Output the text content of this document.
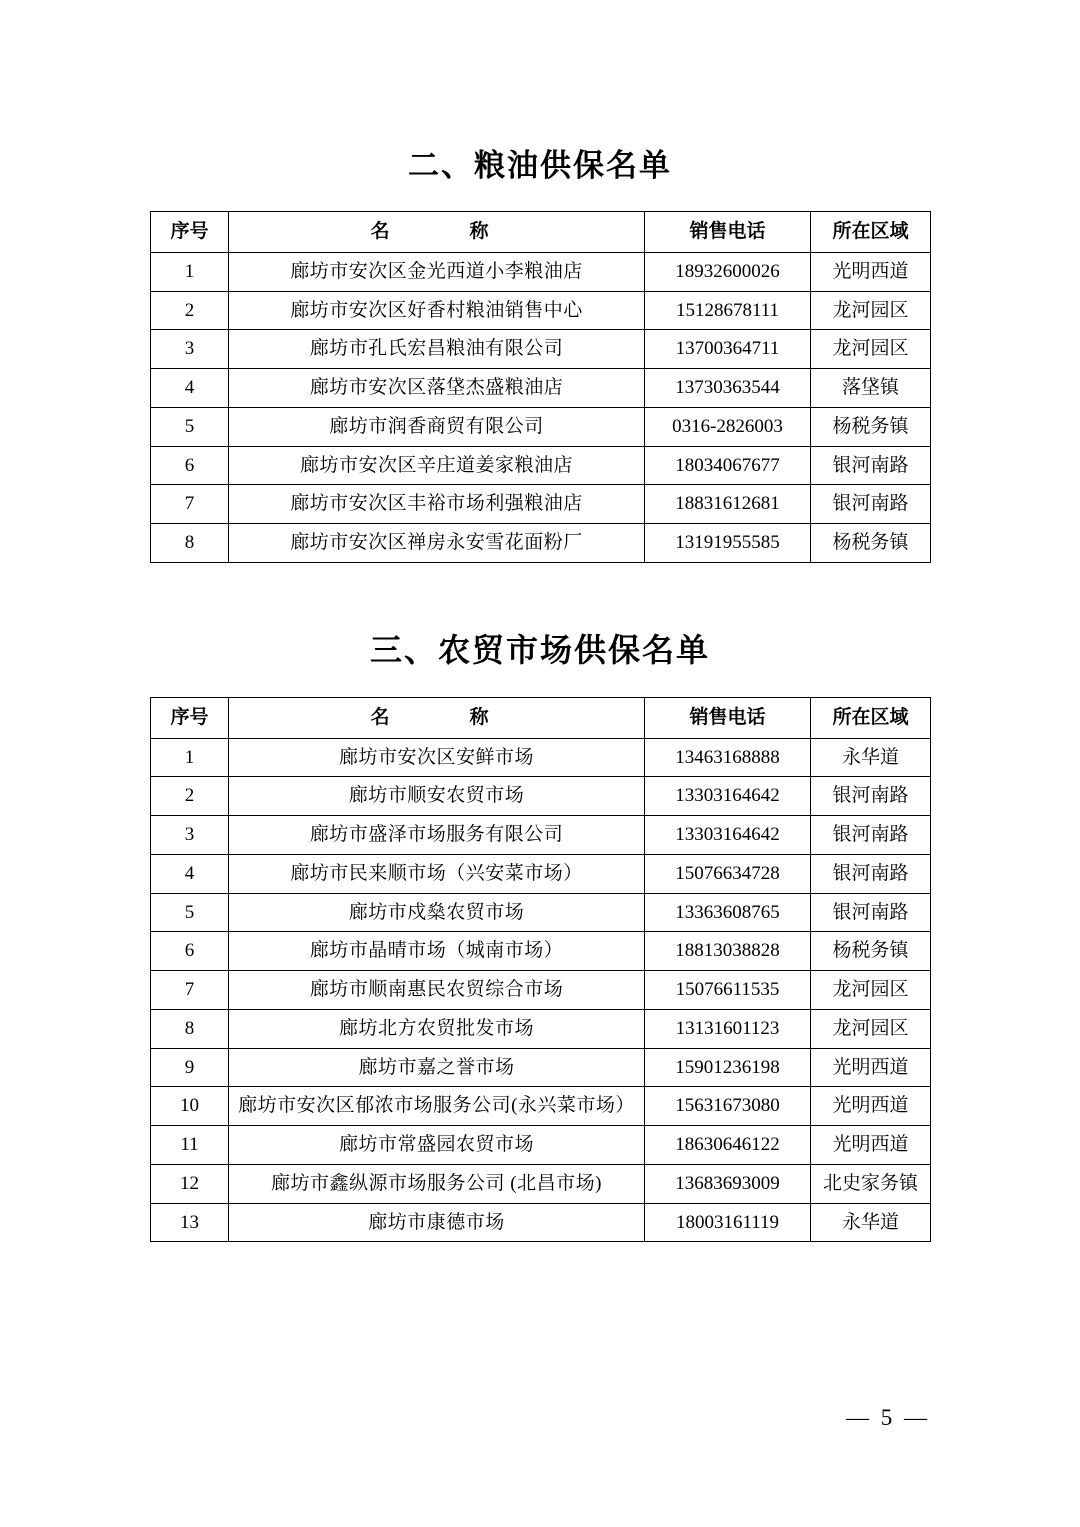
二、粮油供保名单
序号	名　　称	销售电话	所在区域
1	廊坊市安次区金光西道小李粮油店	18932600026	光明西道
2	廊坊市安次区好香村粮油销售中心	15128678111	龙河园区
3	廊坊市孔氏宏昌粮油有限公司	13700364711	龙河园区
4	廊坊市安次区落垡杰盛粮油店	13730363544	落垡镇
5	廊坊市润香商贸有限公司	0316-2826003	杨税务镇
6	廊坊市安次区辛庄道姜家粮油店	18034067677	银河南路
7	廊坊市安次区丰裕市场利强粮油店	18831612681	银河南路
8	廊坊市安次区禅房永安雪花面粉厂	13191955585	杨税务镇
三、农贸市场供保名单
序号	名　　称	销售电话	所在区域
1	廊坊市安次区安鲜市场	13463168888	永华道
2	廊坊市顺安农贸市场	13303164642	银河南路
3	廊坊市盛泽市场服务有限公司	13303164642	银河南路
4	廊坊市民来顺市场（兴安菜市场）	15076634728	银河南路
5	廊坊市戍燊农贸市场	13363608765	银河南路
6	廊坊市晶晴市场（城南市场）	18813038828	杨税务镇
7	廊坊市顺南惠民农贸综合市场	15076611535	龙河园区
8	廊坊北方农贸批发市场	13131601123	龙河园区
9	廊坊市嘉之誉市场	15901236198	光明西道
10	廊坊市安次区郁浓市场服务公司(永兴菜市场）	15631673080	光明西道
11	廊坊市常盛园农贸市场	18630646122	光明西道
12	廊坊市鑫纵源市场服务公司 (北昌市场)	13683693009	北史家务镇
13	廊坊市康德市场	18003161119	永华道
— 5 —
